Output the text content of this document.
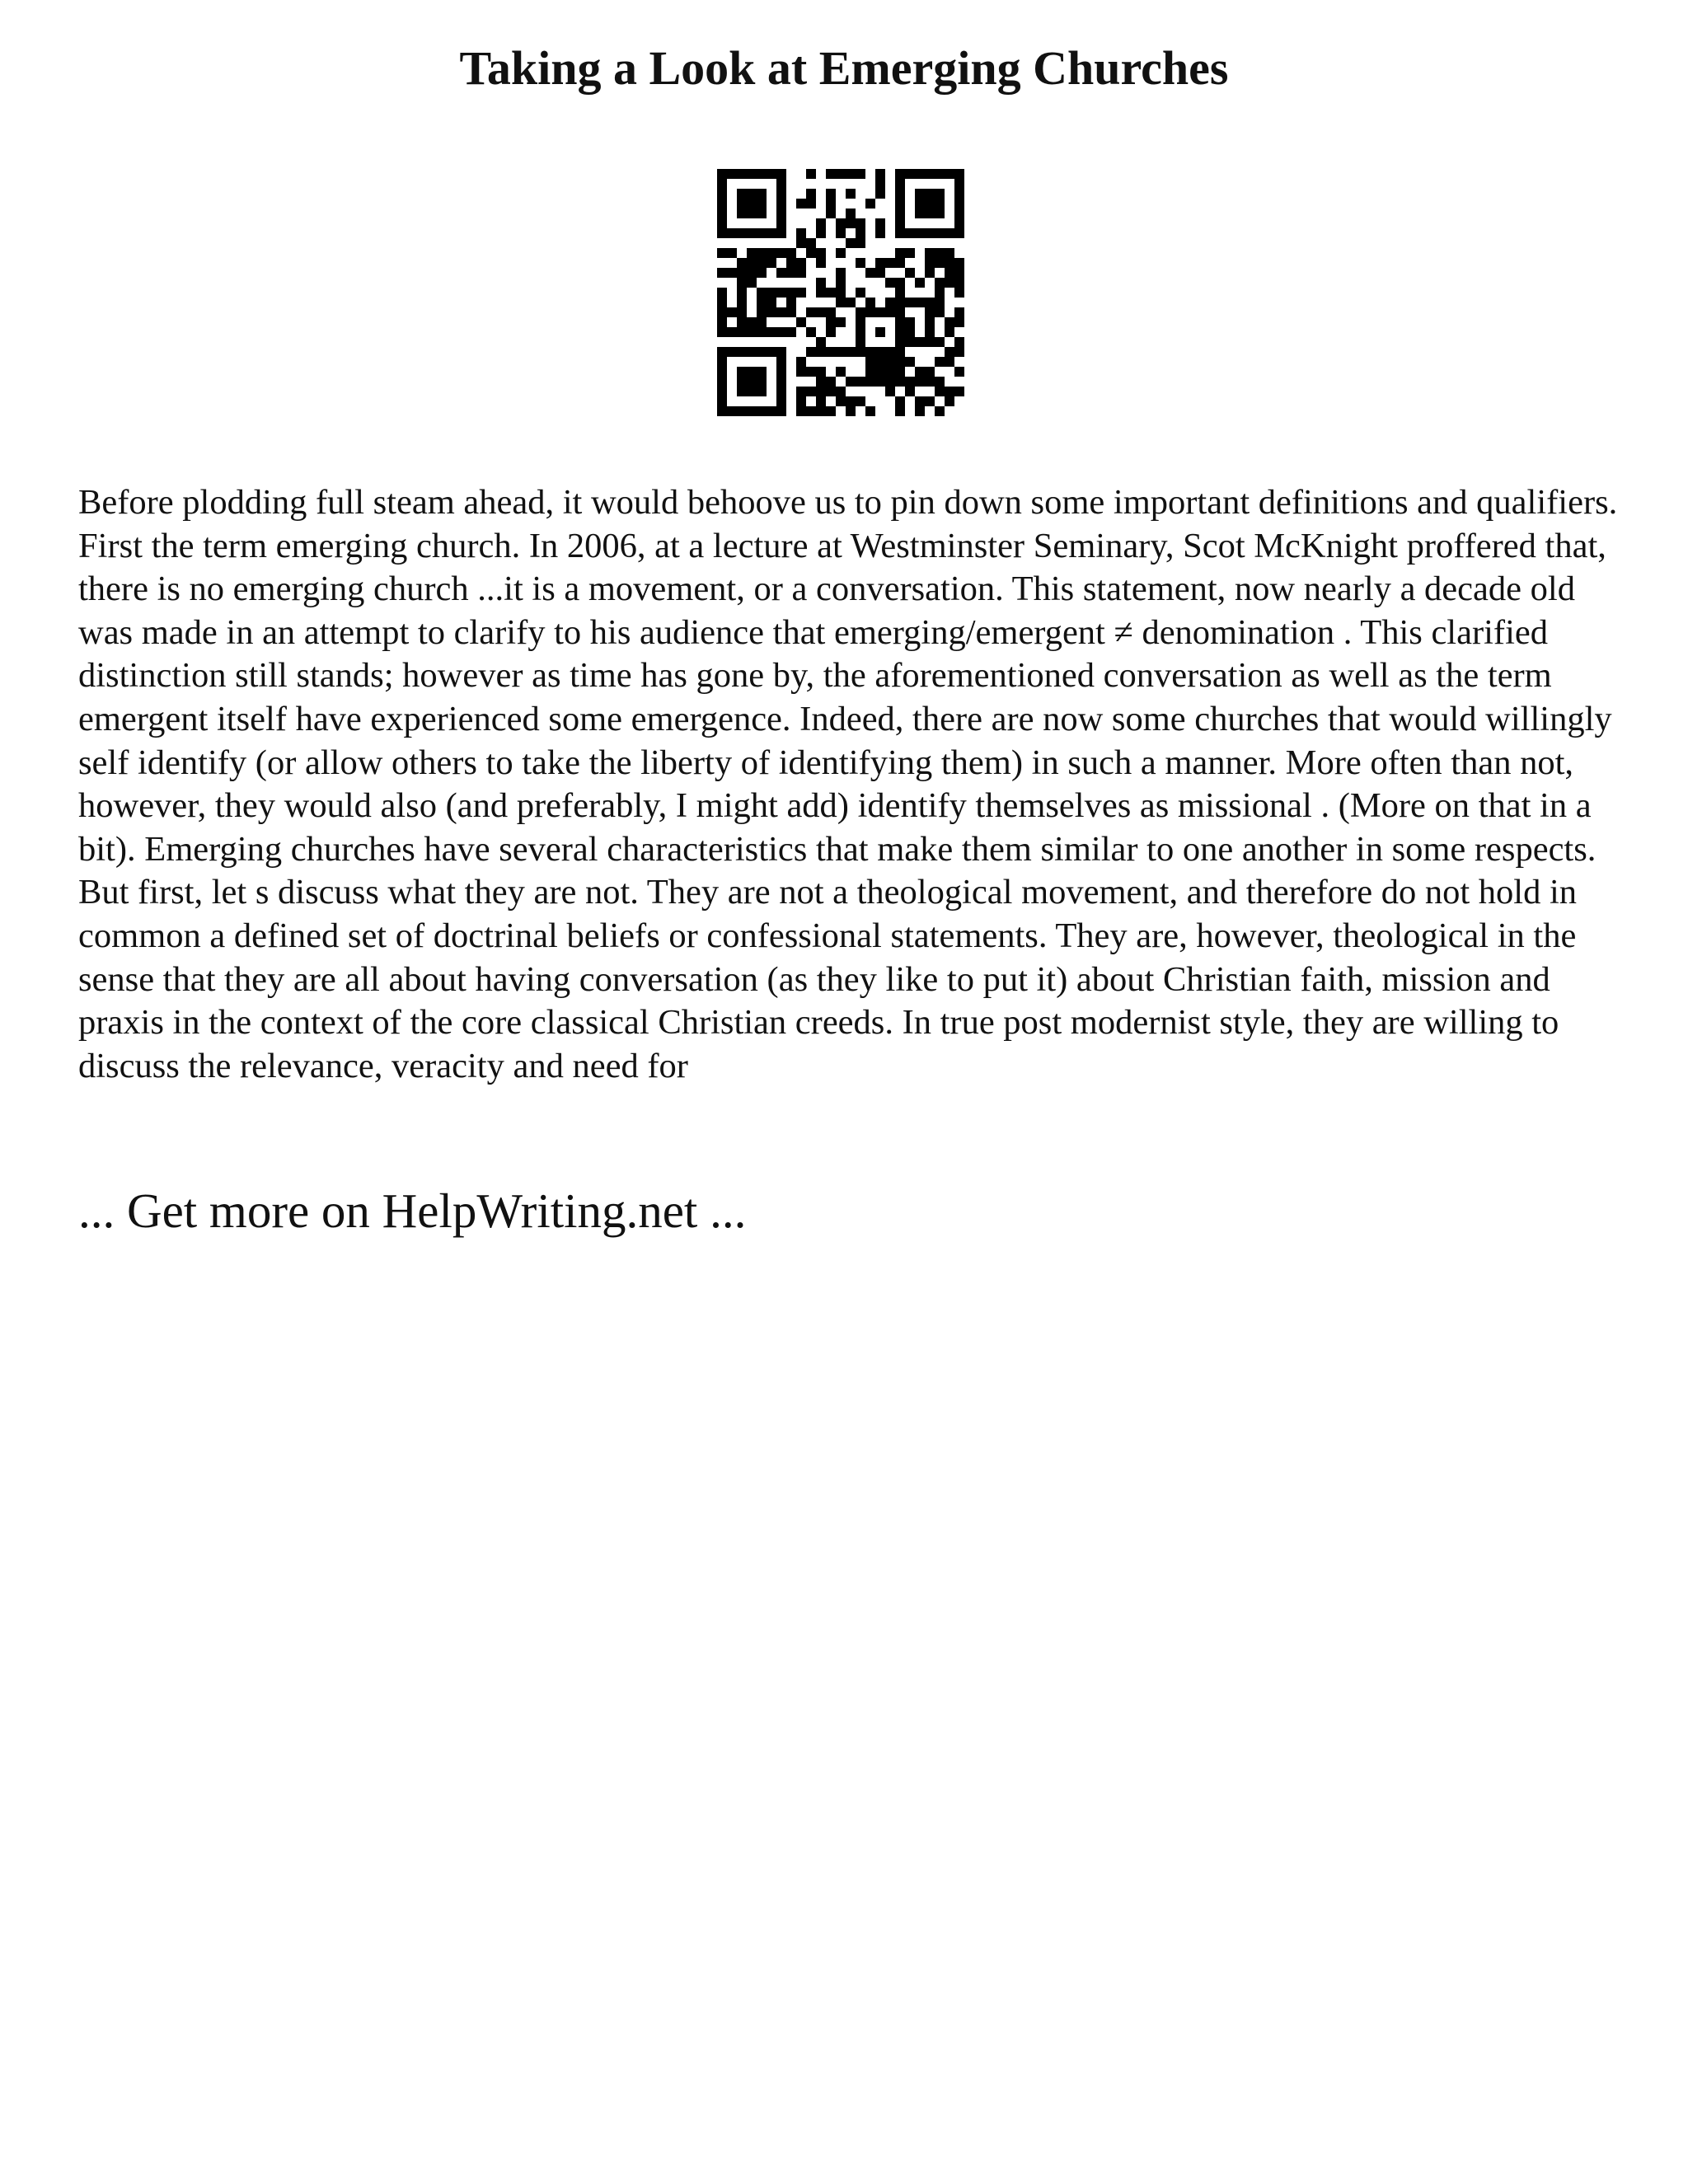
Taking a Look at Emerging Churches

Before plodding full steam ahead, it would behoove us to pin down some important definitions and qualifiers. First the term emerging church. In 2006, at a lecture at Westminster Seminary, Scot McKnight proffered that, there is no emerging church ...it is a movement, or a conversation. This statement, now nearly a decade old was made in an attempt to clarify to his audience that emerging/emergent ≠ denomination . This clarified distinction still stands; however as time has gone by, the aforementioned conversation as well as the term emergent itself have experienced some emergence. Indeed, there are now some churches that would willingly self identify (or allow others to take the liberty of identifying them) in such a manner. More often than not, however, they would also (and preferably, I might add) identify themselves as missional . (More on that in a bit). Emerging churches have several characteristics that make them similar to one another in some respects. But first, let s discuss what they are not. They are not a theological movement, and therefore do not hold in common a defined set of doctrinal beliefs or confessional statements. They are, however, theological in the sense that they are all about having conversation (as they like to put it) about Christian faith, mission and praxis in the context of the core classical Christian creeds. In true post modernist style, they are willing to discuss the relevance, veracity and need for

... Get more on HelpWriting.net ...
